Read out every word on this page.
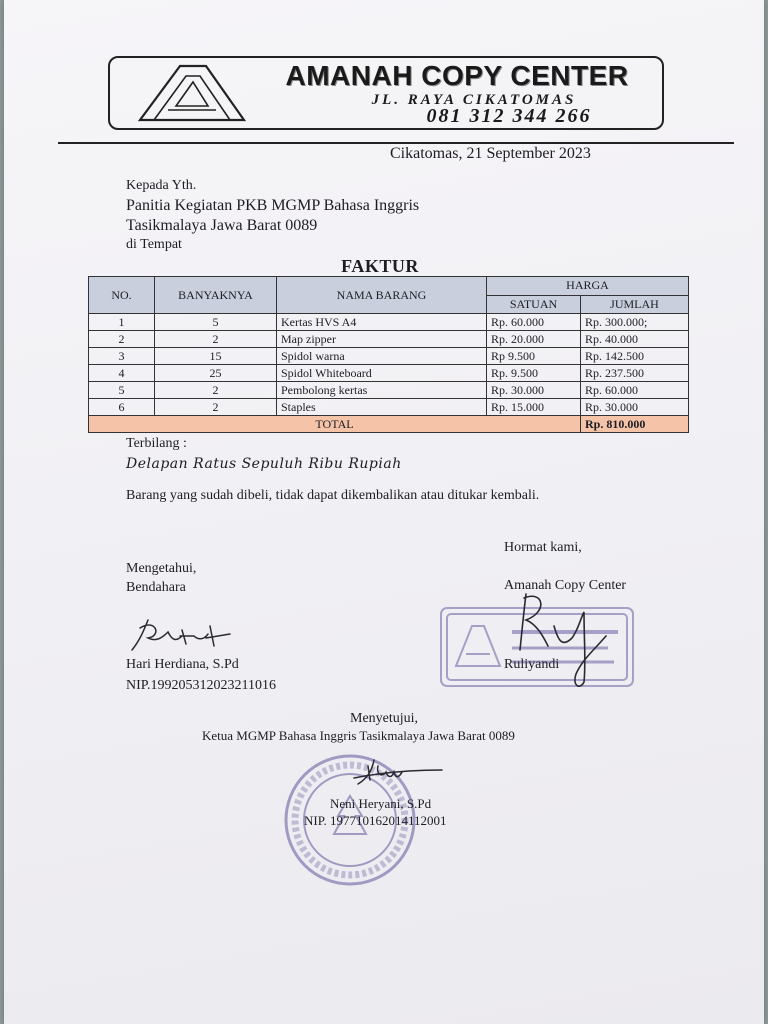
AMANAH COPY CENTER
JL. RAYA CIKATOMAS
081 312 344 266
Cikatomas, 21 September 2023
Kepada Yth.
Panitia Kegiatan PKB MGMP Bahasa Inggris
Tasikmalaya Jawa Barat 0089
di Tempat
FAKTUR
NO.	BANYAKNYA	NAMA BARANG	HARGA	
			SATUAN	JUMLAH
1	5	Kertas HVS A4	Rp. 60.000	Rp. 300.000;
2	2	Map zipper	Rp. 20.000	Rp. 40.000
3	15	Spidol warna	Rp 9.500	Rp. 142.500
4	25	Spidol Whiteboard	Rp. 9.500	Rp. 237.500
5	2	Pembolong kertas	Rp. 30.000	Rp. 60.000
6	2	Staples	Rp. 15.000	Rp. 30.000
TOTAL				Rp. 810.000
Terbilang :
Delapan Ratus Sepuluh Ribu Rupiah
Barang yang sudah dibeli, tidak dapat dikembalikan atau ditukar kembali.
Hormat kami,
Amanah Copy Center
Ruliyandi
Mengetahui,
Bendahara
Hari Herdiana, S.Pd
NIP.199205312023211016
Menyetujui,
Ketua MGMP Bahasa Inggris Tasikmalaya Jawa Barat 0089
Neni Heryani, S.Pd
NIP. 197710162014112001
